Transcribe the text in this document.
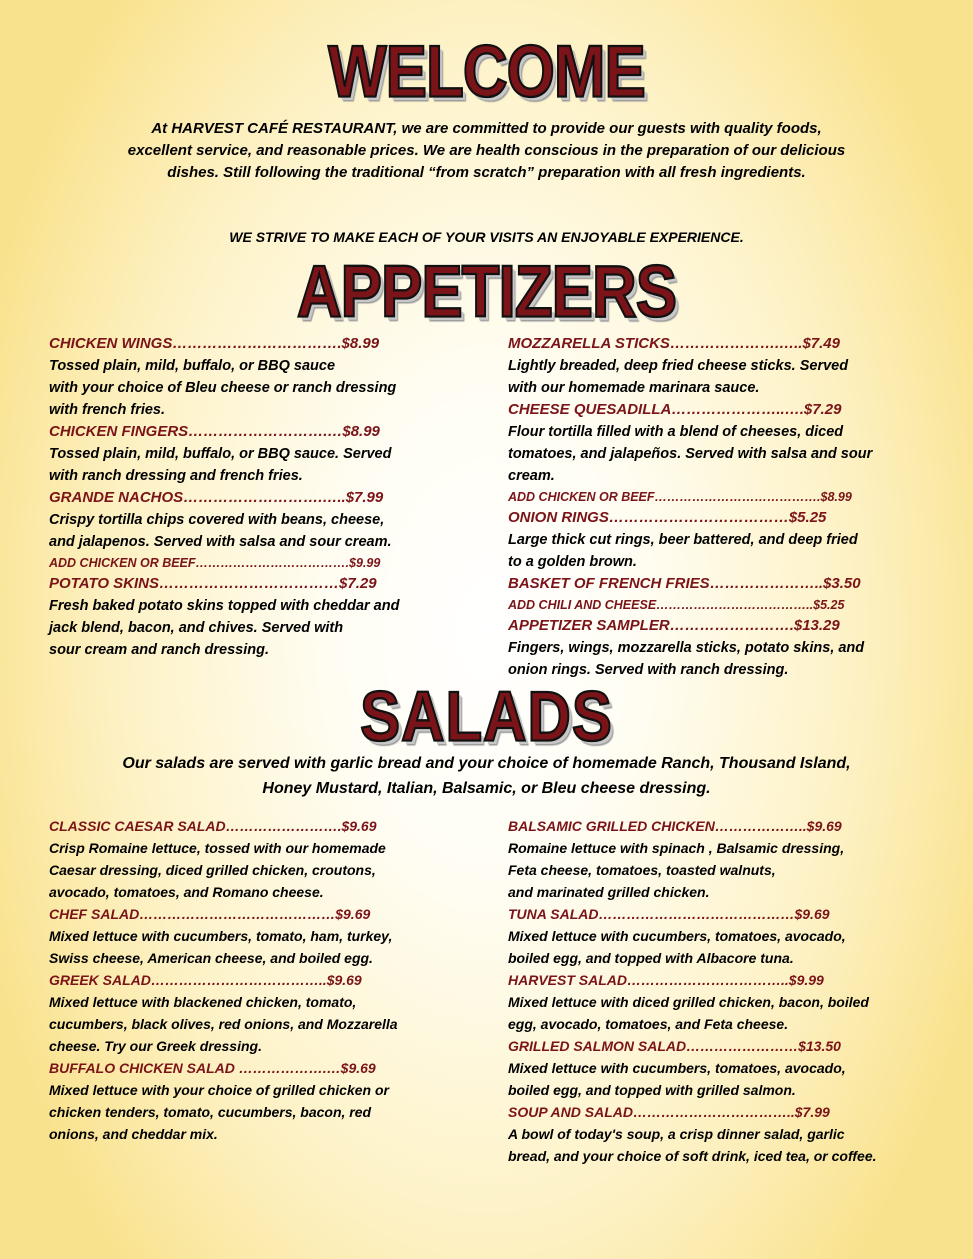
WELCOME
At HARVEST CAFÉ RESTAURANT, we are committed to provide our guests with quality foods,
excellent service, and reasonable prices. We are health conscious in the preparation of our delicious
dishes. Still following the traditional “from scratch” preparation with all fresh ingredients.
WE STRIVE TO MAKE EACH OF YOUR VISITS AN ENJOYABLE EXPERIENCE.
APPETIZERS
CHICKEN WINGS…………………………….$8.99
Tossed plain, mild, buffalo, or BBQ sauce
with your choice of Bleu cheese or ranch dressing
with french fries.
CHICKEN FINGERS……………………….…$8.99
Tossed plain, mild, buffalo, or BBQ sauce. Served
with ranch dressing and french fries.
GRANDE NACHOS……………………….…..$7.99
Crispy tortilla chips covered with beans, cheese,
and jalapenos. Served with salsa and sour cream.
ADD CHICKEN OR BEEF……………………………….$9.99
POTATO SKINS………………………………$7.29
Fresh baked potato skins topped with cheddar and
jack blend, bacon, and chives. Served with
sour cream and ranch dressing.
MOZZARELLA STICKS………………….…..$7.49
Lightly breaded, deep fried cheese sticks. Served
with our homemade marinara sauce.
CHEESE QUESADILLA…………………..….$7.29
Flour tortilla filled with a blend of cheeses, diced
tomatoes, and jalapeños. Served with salsa and sour
cream.
ADD CHICKEN OR BEEF………………………………….$8.99
ONION RINGS………………………………$5.25
Large thick cut rings, beer battered, and deep fried
to a golden brown.
BASKET OF FRENCH FRIES…………………..$3.50
ADD CHILI AND CHEESE………………………………..$5.25
APPETIZER SAMPLER…………………….$13.29
Fingers, wings, mozzarella sticks, potato skins, and
onion rings. Served with ranch dressing.
SALADS
Our salads are served with garlic bread and your choice of homemade Ranch, Thousand Island,
Honey Mustard, Italian, Balsamic, or Bleu cheese dressing.
CLASSIC CAESAR SALAD…………………….$9.69
Crisp Romaine lettuce, tossed with our homemade
Caesar dressing, diced grilled chicken, croutons,
avocado, tomatoes, and Romano cheese.
CHEF SALAD……………………………………$9.69
Mixed lettuce with cucumbers, tomato, ham, turkey,
Swiss cheese, American cheese, and boiled egg.
GREEK SALAD………………………………..$9.69
Mixed lettuce with blackened chicken, tomato,
cucumbers, black olives, red onions, and Mozzarella
cheese. Try our Greek dressing.
BUFFALO CHICKEN SALAD ……………….…$9.69
Mixed lettuce with your choice of grilled chicken or
chicken tenders, tomato, cucumbers, bacon, red
onions, and cheddar mix.
BALSAMIC GRILLED CHICKEN………………..$9.69
Romaine lettuce with spinach , Balsamic dressing,
Feta cheese, tomatoes, toasted walnuts,
and marinated grilled chicken.
TUNA SALAD……………………………………$9.69
Mixed lettuce with cucumbers, tomatoes, avocado,
boiled egg, and topped with Albacore tuna.
HARVEST SALAD……………………………..$9.99
Mixed lettuce with diced grilled chicken, bacon, boiled
egg, avocado, tomatoes, and Feta cheese.
GRILLED SALMON SALAD……………………$13.50
Mixed lettuce with cucumbers, tomatoes, avocado,
boiled egg, and topped with grilled salmon.
SOUP AND SALAD……………………………..$7.99
A bowl of today's soup, a crisp dinner salad, garlic
bread, and your choice of soft drink, iced tea, or coffee.
